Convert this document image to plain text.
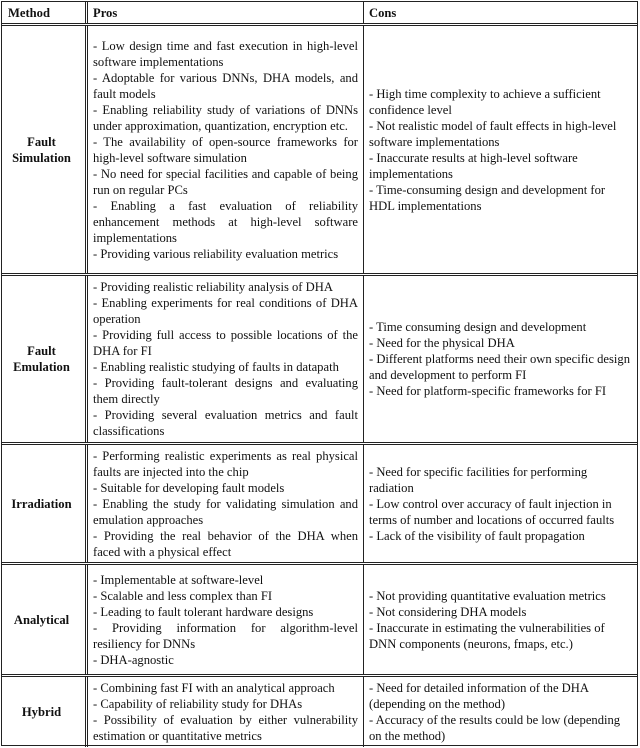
Method	Pros	Cons
Fault Simulation
- Low design time and fast execution in high-level software implementations
- Adoptable for various DNNs, DHA models, and fault models
- Enabling reliability study of variations of DNNs under approximation, quantization, encryption etc.
- The availability of open-source frameworks for high-level software simulation
- No need for special facilities and capable of being run on regular PCs
- Enabling a fast evaluation of reliability enhancement methods at high-level software implementations
- Providing various reliability evaluation metrics
- High time complexity to achieve a sufficient confidence level
- Not realistic model of fault effects in high-level software implementations
- Inaccurate results at high-level software implementations
- Time-consuming design and development for HDL implementations
Fault Emulation
- Providing realistic reliability analysis of DHA
- Enabling experiments for real conditions of DHA operation
- Providing full access to possible locations of the DHA for FI
- Enabling realistic studying of faults in datapath
- Providing fault-tolerant designs and evaluating them directly
- Providing several evaluation metrics and fault classifications
- Time consuming design and development
- Need for the physical DHA
- Different platforms need their own specific design and development to perform FI
- Need for platform-specific frameworks for FI
Irradiation
- Performing realistic experiments as real physical faults are injected into the chip
- Suitable for developing fault models
- Enabling the study for validating simulation and emulation approaches
- Providing the real behavior of the DHA when faced with a physical effect
- Need for specific facilities for performing radiation
- Low control over accuracy of fault injection in terms of number and locations of occurred faults
- Lack of the visibility of fault propagation
Analytical
- Implementable at software-level
- Scalable and less complex than FI
- Leading to fault tolerant hardware designs
- Providing information for algorithm-level resiliency for DNNs
- DHA-agnostic
- Not providing quantitative evaluation metrics
- Not considering DHA models
- Inaccurate in estimating the vulnerabilities of DNN components (neurons, fmaps, etc.)
Hybrid
- Combining fast FI with an analytical approach
- Capability of reliability study for DHAs
- Possibility of evaluation by either vulnerability estimation or quantitative metrics
- Need for detailed information of the DHA (depending on the method)
- Accuracy of the results could be low (depending on the method)
